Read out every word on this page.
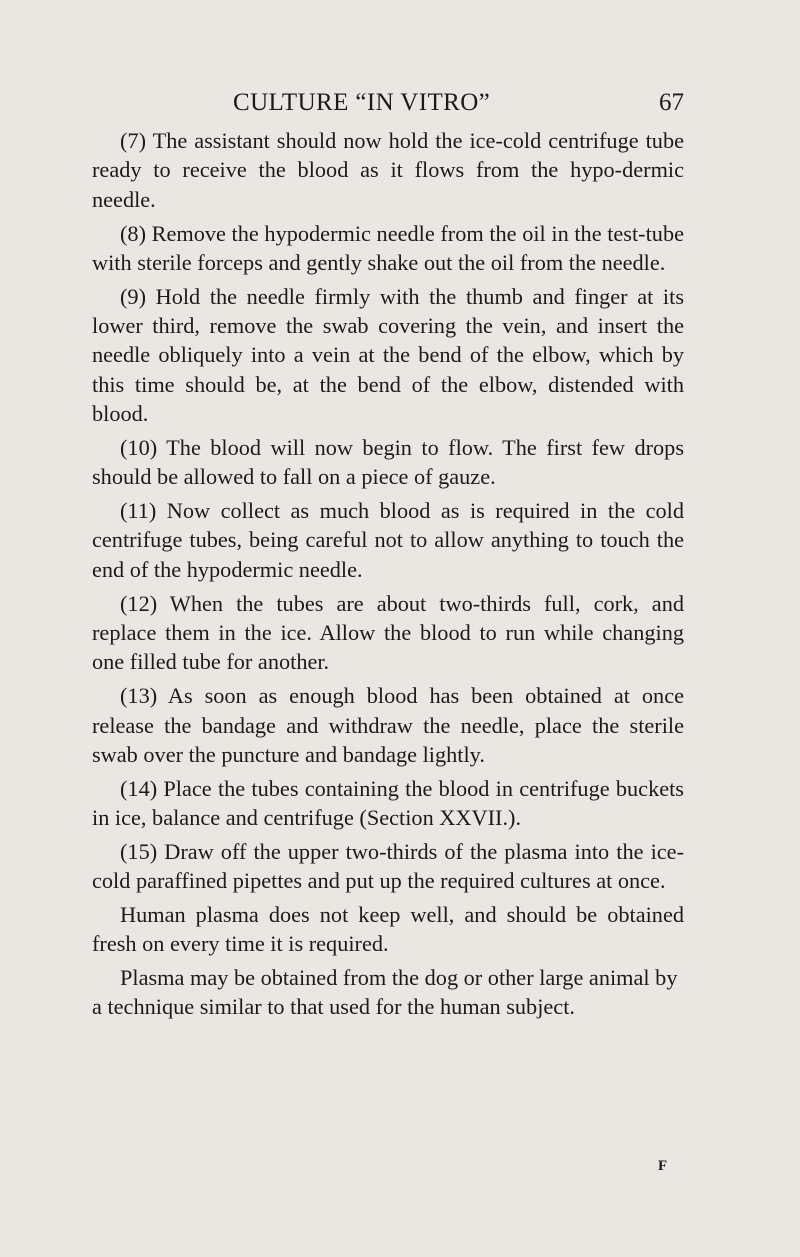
CULTURE “IN VITRO”	67

(7) The assistant should now hold the ice-cold centrifuge tube ready to receive the blood as it flows from the hypo-dermic needle.

(8) Remove the hypodermic needle from the oil in the test-tube with sterile forceps and gently shake out the oil from the needle.

(9) Hold the needle firmly with the thumb and finger at its lower third, remove the swab covering the vein, and insert the needle obliquely into a vein at the bend of the elbow, which by this time should be, at the bend of the elbow, distended with blood.

(10) The blood will now begin to flow. The first few drops should be allowed to fall on a piece of gauze.

(11) Now collect as much blood as is required in the cold centrifuge tubes, being careful not to allow anything to touch the end of the hypodermic needle.

(12) When the tubes are about two-thirds full, cork, and replace them in the ice. Allow the blood to run while changing one filled tube for another.

(13) As soon as enough blood has been obtained at once release the bandage and withdraw the needle, place the sterile swab over the puncture and bandage lightly.

(14) Place the tubes containing the blood in centrifuge buckets in ice, balance and centrifuge (Section XXVII.).

(15) Draw off the upper two-thirds of the plasma into the ice-cold paraffined pipettes and put up the required cultures at once.

Human plasma does not keep well, and should be obtained fresh on every time it is required.

Plasma may be obtained from the dog or other large animal by a technique similar to that used for the human subject.

F
